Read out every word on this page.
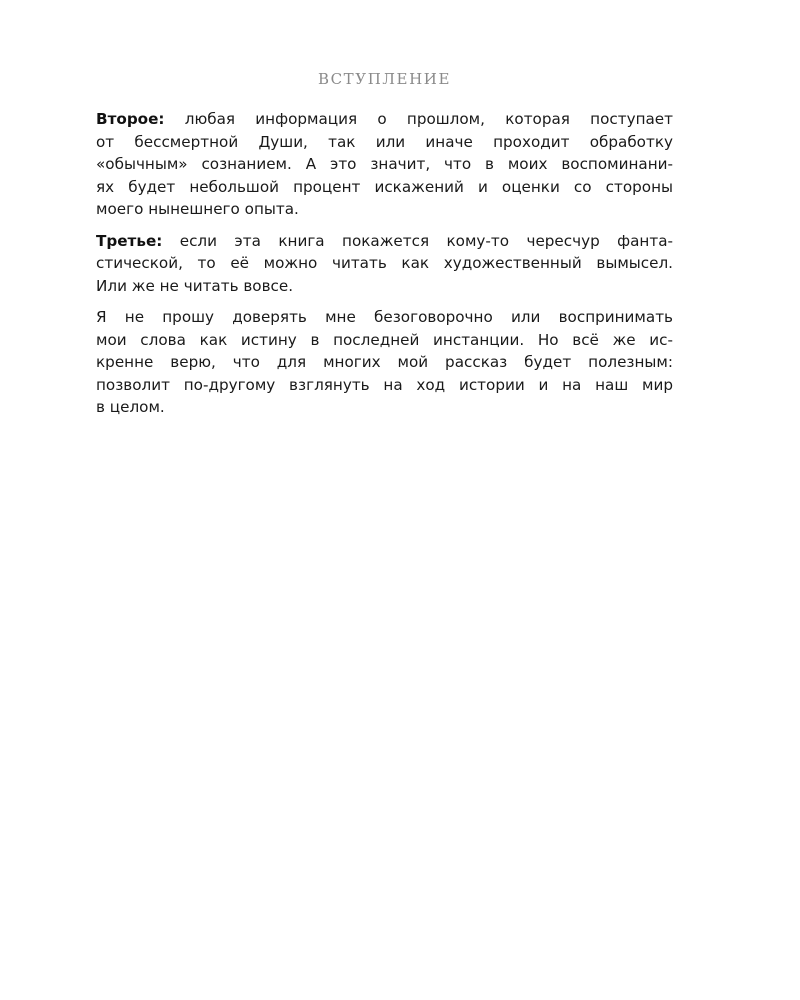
ВСТУПЛЕНИЕ

Второе: любая информация о прошлом, которая поступает
от бессмертной Души, так или иначе проходит обработку
«обычным» сознанием. А это значит, что в моих воспоминани-
ях будет небольшой процент искажений и оценки со стороны
моего нынешнего опыта.

Третье: если эта книга покажется кому-то чересчур фанта-
стической, то её можно читать как художественный вымысел.
Или же не читать вовсе.

Я не прошу доверять мне безоговорочно или воспринимать
мои слова как истину в последней инстанции. Но всё же ис-
кренне верю, что для многих мой рассказ будет полезным:
позволит по-другому взглянуть на ход истории и на наш мир
в целом.
